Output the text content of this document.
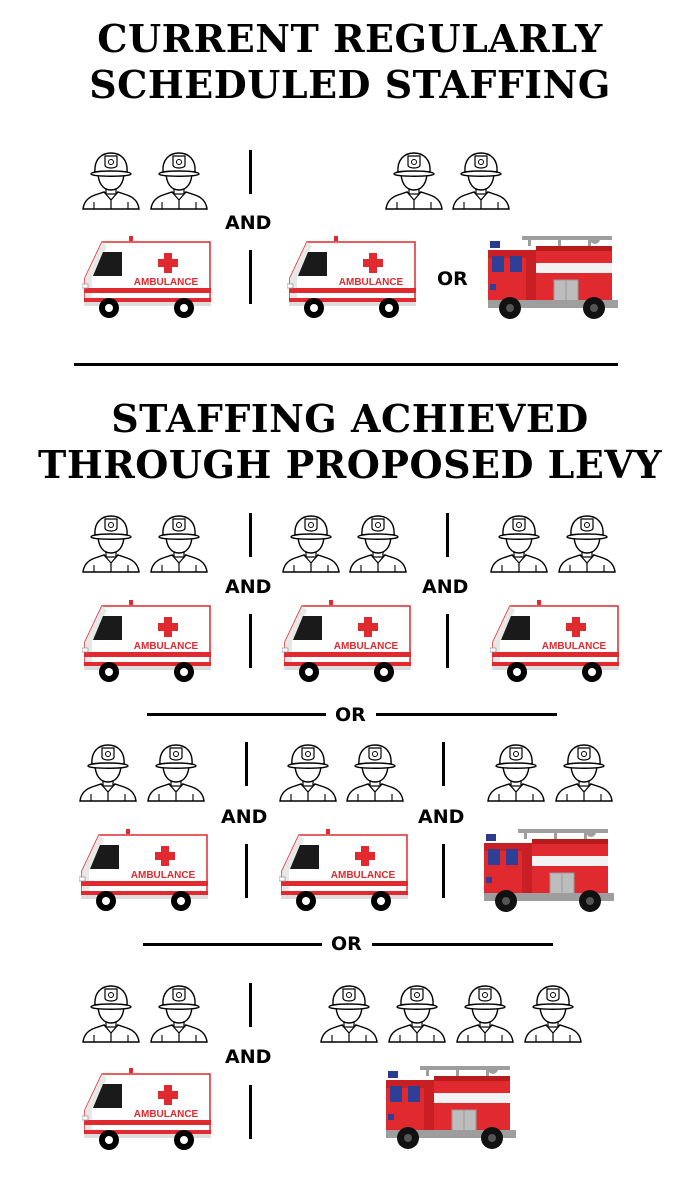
CURRENT REGULARLY
SCHEDULED STAFFING
AND
AMBULANCE	AMBULANCE	OR
STAFFING ACHIEVED
THROUGH PROPOSED LEVY
AND	AND
AMBULANCE	AMBULANCE	AMBULANCE
OR
AND	AND
AMBULANCE	AMBULANCE
OR
AND
AMBULANCE
